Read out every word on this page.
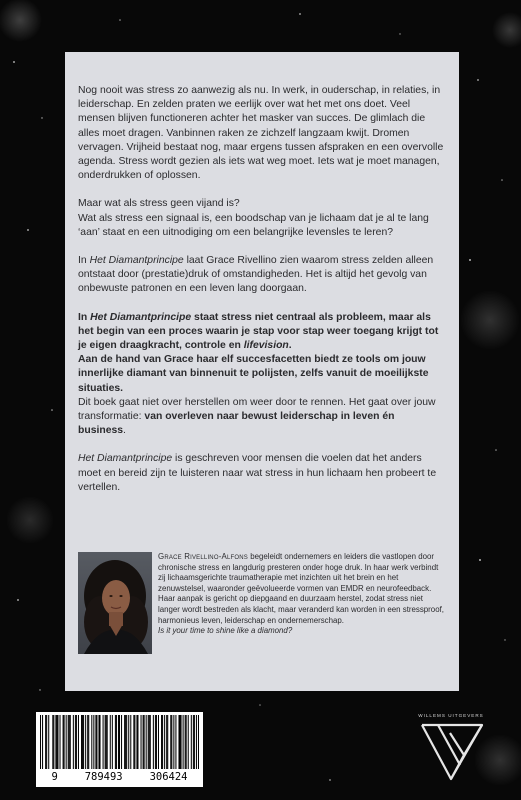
Nog nooit was stress zo aanwezig als nu. In werk, in ouderschap, in relaties, in leiderschap. En zelden praten we eerlijk over wat het met ons doet. Veel mensen blijven functioneren achter het masker van succes. De glimlach die alles moet dragen. Vanbinnen raken ze zichzelf langzaam kwijt. Dromen vervagen. Vrijheid bestaat nog, maar ergens tussen afspraken en een overvolle agenda. Stress wordt gezien als iets wat weg moet. Iets wat je moet managen, onderdrukken of oplossen.

Maar wat als stress geen vijand is?

Wat als stress een signaal is, een boodschap van je lichaam dat je al te lang ‘aan’ staat en een uitnodiging om een belangrijke levensles te leren?

In Het Diamantprincipe laat Grace Rivellino zien waarom stress zelden alleen ontstaat door (prestatie)druk of omstandigheden. Het is altijd het gevolg van onbewuste patronen en een leven lang doorgaan.

In Het Diamantprincipe staat stress niet centraal als probleem, maar als het begin van een proces waarin je stap voor stap weer toegang krijgt tot je eigen draagkracht, controle en lifevision.

Aan de hand van Grace haar elf succesfacetten biedt ze tools om jouw innerlijke diamant van binnenuit te polijsten, zelfs vanuit de moeilijkste situaties.

Dit boek gaat niet over herstellen om weer door te rennen. Het gaat over jouw transformatie: van overleven naar bewust leiderschap in leven én business.

Het Diamantprincipe is geschreven voor mensen die voelen dat het anders moet en bereid zijn te luisteren naar wat stress in hun lichaam hen probeert te vertellen.

Grace Rivellino-Alfons begeleidt ondernemers en leiders die vastlopen door chronische stress en langdurig presteren onder hoge druk. In haar werk verbindt zij lichaamsgerichte traumatherapie met inzichten uit het brein en het zenuwstelsel, waaronder geëvolueerde vormen van EMDR en neurofeedback. Haar aanpak is gericht op diepgaand en duurzaam herstel, zodat stress niet langer wordt bestreden als klacht, maar veranderd kan worden in een stressproof, harmonieus leven, leiderschap en ondernemerschap.
Is it your time to shine like a diamond?
9	789493	306424
WILLEMS UITGEVERS
